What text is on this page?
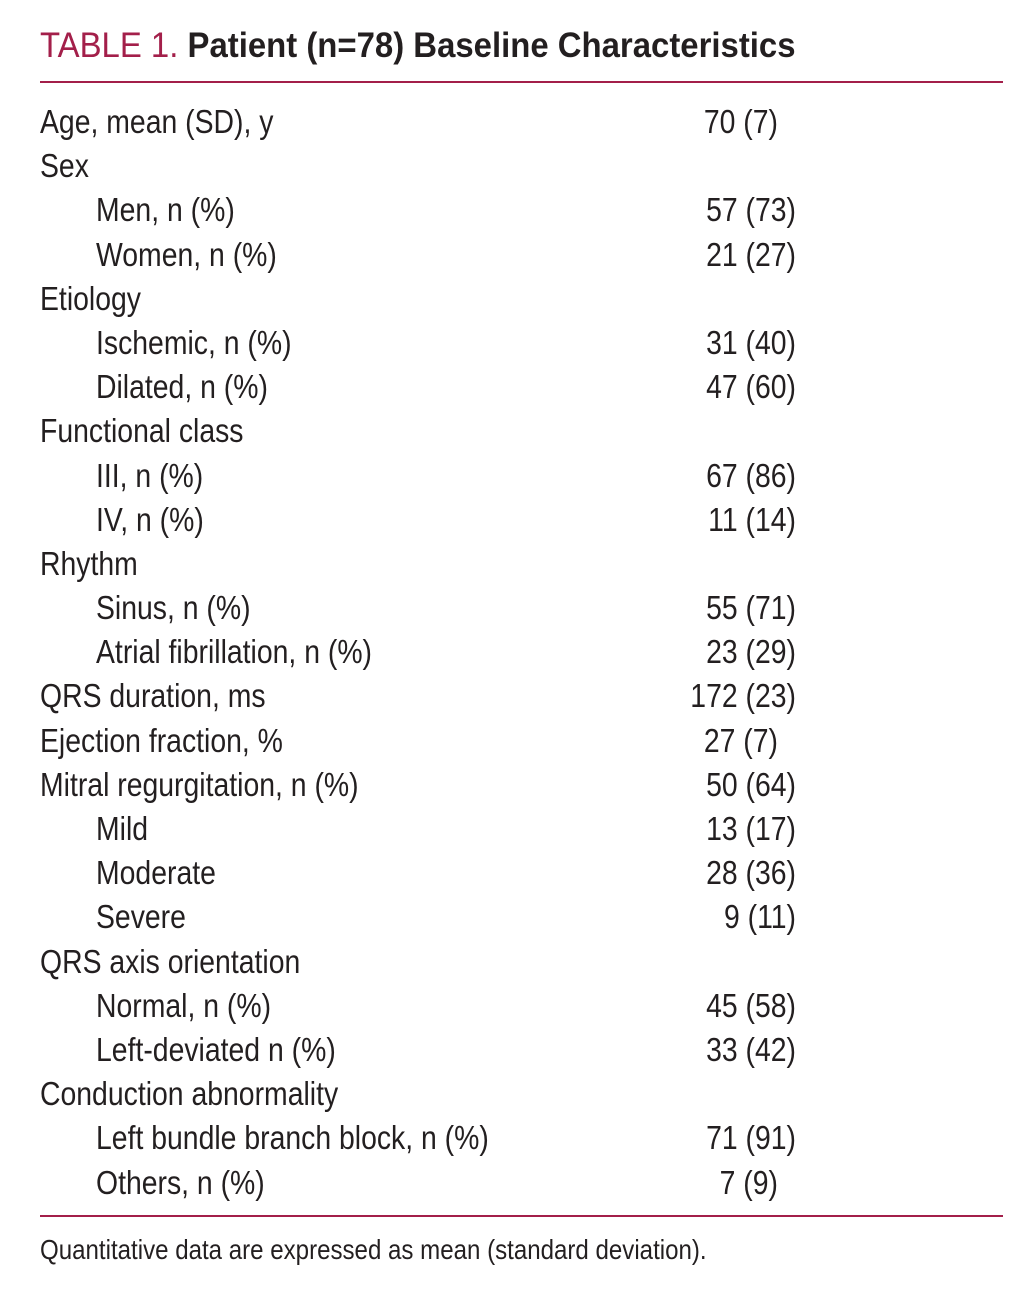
TABLE 1. Patient (n=78) Baseline Characteristics
Age, mean (SD), y	70 (7)
Sex
Men, n (%)	57 (73)
Women, n (%)	21 (27)
Etiology
Ischemic, n (%)	31 (40)
Dilated, n (%)	47 (60)
Functional class
III, n (%)	67 (86)
IV, n (%)	11 (14)
Rhythm
Sinus, n (%)	55 (71)
Atrial fibrillation, n (%)	23 (29)
QRS duration, ms	172 (23)
Ejection fraction, %	27 (7)
Mitral regurgitation, n (%)	50 (64)
Mild	13 (17)
Moderate	28 (36)
Severe	9 (11)
QRS axis orientation
Normal, n (%)	45 (58)
Left-deviated n (%)	33 (42)
Conduction abnormality
Left bundle branch block, n (%)	71 (91)
Others, n (%)	7 (9)
Quantitative data are expressed as mean (standard deviation).
